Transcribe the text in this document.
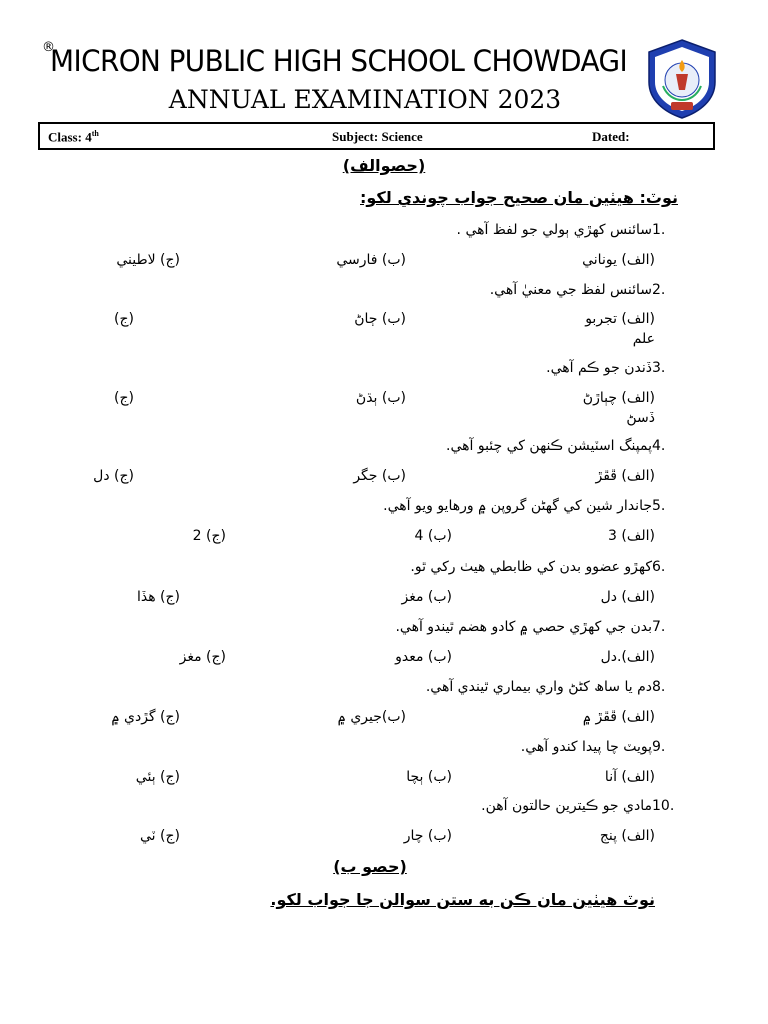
®
MICRON PUBLIC HIGH SCHOOL CHOWDAGI
ANNUAL EXAMINATION 2023
Class: 4th	Subject: Science	Dated:
(حصوالف)
نوٽ: هيٺين مان صحيح جواب چوندي لکو:
1.سائنس کهڙي ٻولي جو لفظ آهي .
(الف) يوناني
(ب) فارسي
(ج) لاطيني
2.سائنس لفظ جي معنيٰ آهي.
(الف) تجربو
علم
(ب) ڄاڻ
(ج)
3.ڏندن جو ڪم آهي.
(الف) چٻاڙڻ
ڏسڻ
(ب) ٻڌڻ
(ج)
4.پمپنگ اسٽيشن ڪنهن کي چئبو آهي.
(الف) ڦڦڙ
(ب) جگر
(ج) دل
5.جاندار شين کي گهڻن گروپن ۾ ورهايو ويو آهي.
(الف) 3
(ب) 4
(ج) 2
6.کهڙو عضوو بدن کي ظابطي هيٺ رکي ٿو.
(الف) دل
(ب) مغز
(ج) هڏا
7.بدن جي کهڙي حصي ۾ کادو هضم ٿيندو آهي.
(الف).دل
(ب) معدو
(ج) مغز
8.دم يا ساھ کڻڻ واري بيماري ٿيندي آهي.
(الف) ڦڦڙ ۾
(ب)جيري ۾
(ج) گڙدي ۾
9.پويٽ چا پيدا کندو آهي.
(الف) آنا
(ب) ٻچا
(ج) ٻئي
10.مادي جو ڪيترين حالتون آهن.
(الف) پنج
(ب) چار
(ج) ٽي
(حصو ب)
نوٽ هيٺين مان ڪن به ستن سوالن جا جواب لکو.
